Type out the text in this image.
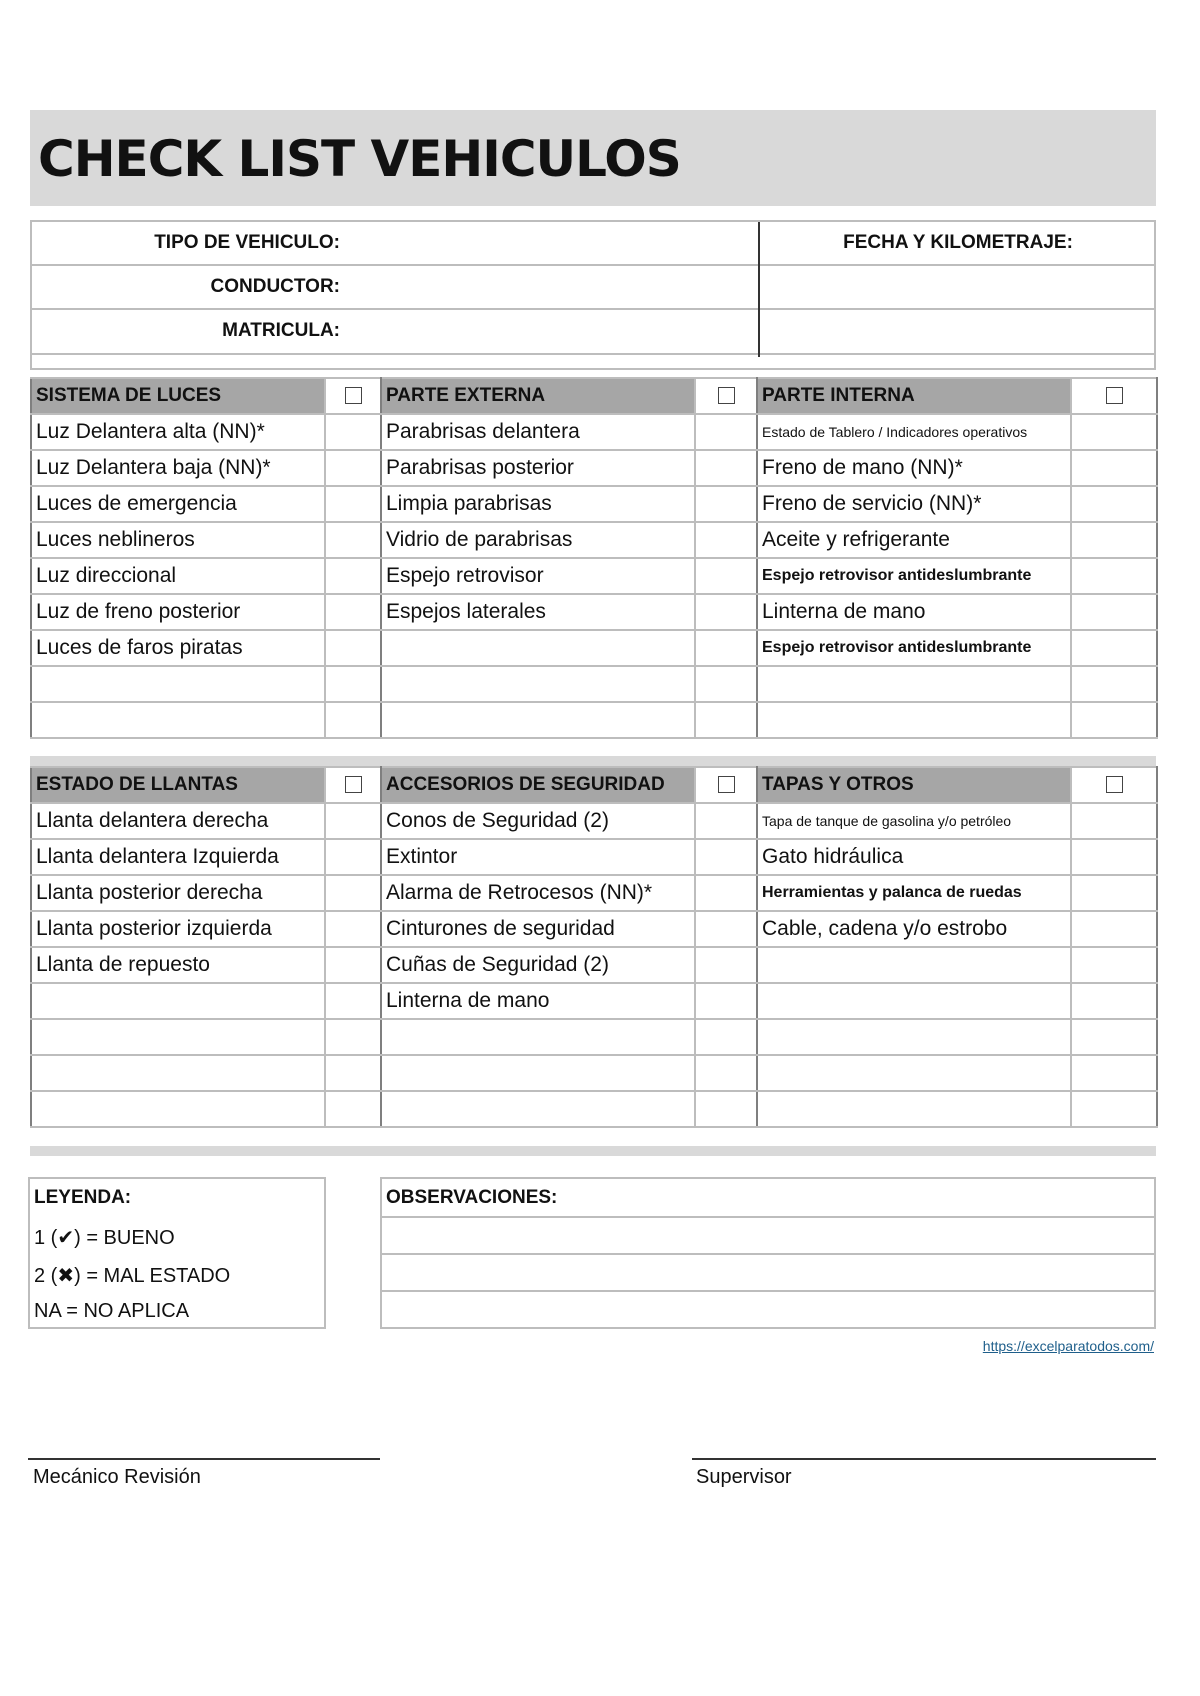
CHECK LIST VEHICULOS
TIPO DE VEHICULO:
CONDUCTOR:
MATRICULA:
FECHA Y KILOMETRAJE:
SISTEMA DE LUCES		PARTE EXTERNA		PARTE INTERNA	
Luz Delantera alta (NN)*		Parabrisas delantera		Estado de Tablero / Indicadores operativos	
Luz Delantera baja (NN)*		Parabrisas posterior		Freno de mano (NN)*	
Luces de emergencia		Limpia parabrisas		Freno de servicio (NN)*	
Luces neblineros		Vidrio de parabrisas		Aceite y refrigerante	
Luz direccional		Espejo retrovisor		Espejo retrovisor antideslumbrante	
Luz de freno posterior		Espejos laterales		Linterna de mano	
Luces de faros piratas				Espejo retrovisor antideslumbrante	

ESTADO DE LLANTAS		ACCESORIOS DE SEGURIDAD		TAPAS Y OTROS	
Llanta delantera derecha		Conos de Seguridad (2)		Tapa de tanque de gasolina y/o petróleo	
Llanta delantera Izquierda		Extintor		Gato hidráulica	
Llanta posterior derecha		Alarma de Retrocesos (NN)*		Herramientas y palanca de ruedas	
Llanta posterior izquierda		Cinturones de seguridad		Cable, cadena y/o estrobo	
Llanta de repuesto		Cuñas de Seguridad (2)			
		Linterna de mano			

LEYENDA:
1 (✔) = BUENO
2 (✖) = MAL ESTADO
NA = NO APLICA
OBSERVACIONES:
https://excelparatodos.com/
Mecánico Revisión	Supervisor
